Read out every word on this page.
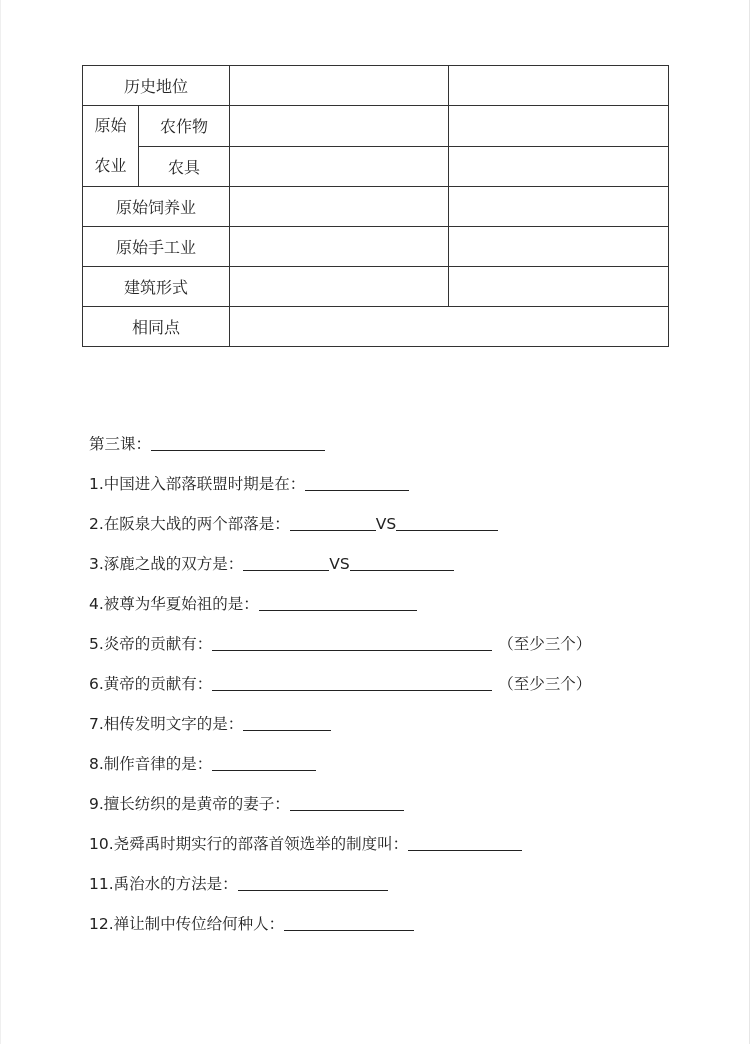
历史地位			

原始
农业	农作物		
	农具		
原始饲养业			
原始手工业			
建筑形式			
相同点			
第三课：
1.中国进入部落联盟时期是在：
2.在阪泉大战的两个部落是：	VS
3.涿鹿之战的双方是：	VS
4.被尊为华夏始祖的是：
5.炎帝的贡献有：	（至少三个）
6.黄帝的贡献有：	（至少三个）
7.相传发明文字的是：
8.制作音律的是：
9.擅长纺织的是黄帝的妻子：
10.尧舜禹时期实行的部落首领选举的制度叫：
11.禹治水的方法是：
12.禅让制中传位给何种人：
